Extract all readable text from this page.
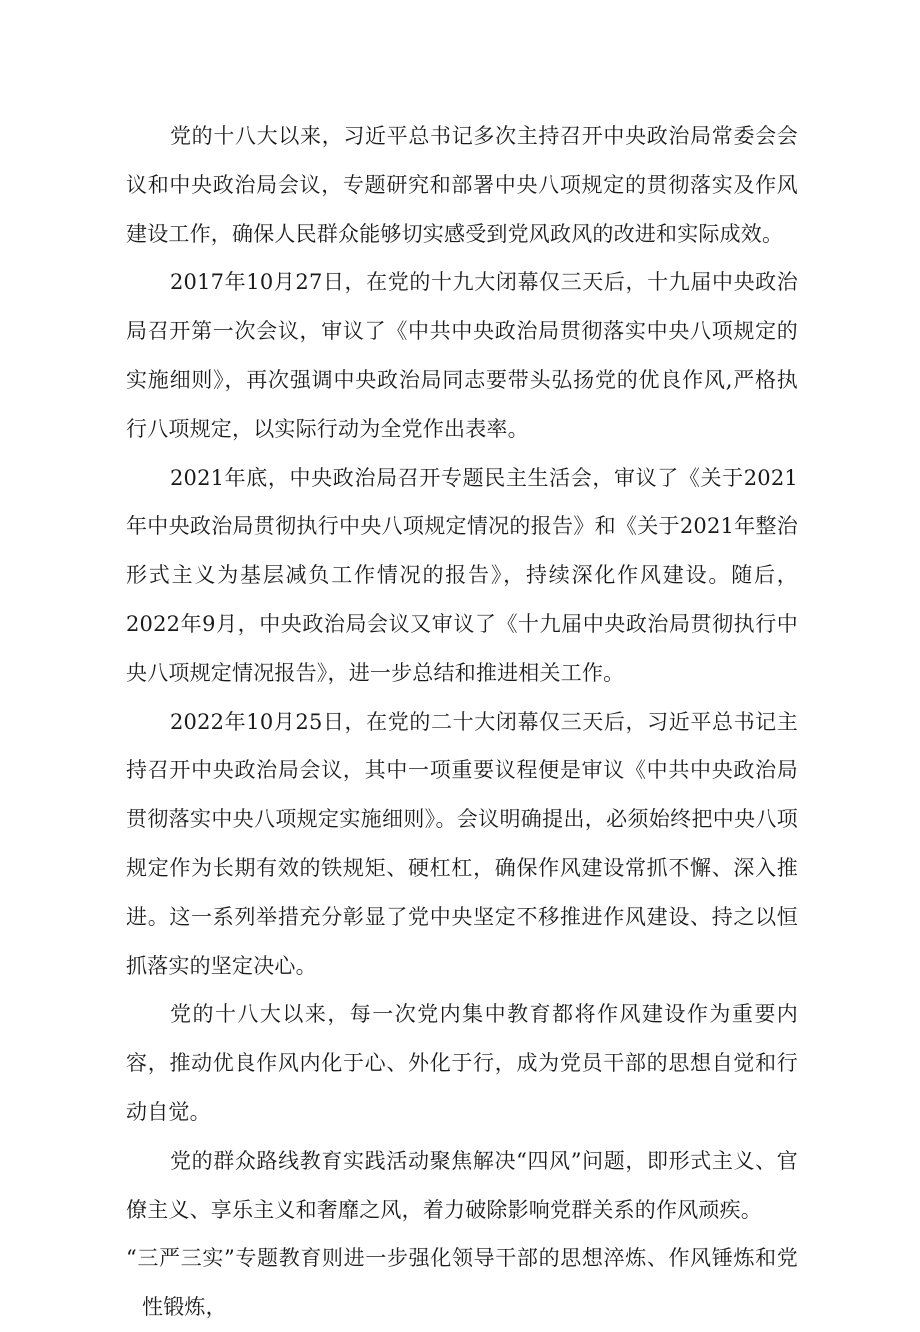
党的十八大以来，习近平总书记多次主持召开中央政治局常委会会议和中央政治局会议，专题研究和部署中央八项规定的贯彻落实及作风建设工作，确保人民群众能够切实感受到党风政风的改进和实际成效。

2017年10月27日，在党的十九大闭幕仅三天后，十九届中央政治局召开第一次会议，审议了《中共中央政治局贯彻落实中央八项规定的实施细则》，再次强调中央政治局同志要带头弘扬党的优良作风,严格执行八项规定，以实际行动为全党作出表率。

2021年底，中央政治局召开专题民主生活会，审议了《关于2021年中央政治局贯彻执行中央八项规定情况的报告》和《关于2021年整治形式主义为基层减负工作情况的报告》，持续深化作风建设。随后，2022年9月，中央政治局会议又审议了《十九届中央政治局贯彻执行中央八项规定情况报告》，进一步总结和推进相关工作。

2022年10月25日，在党的二十大闭幕仅三天后，习近平总书记主持召开中央政治局会议，其中一项重要议程便是审议《中共中央政治局贯彻落实中央八项规定实施细则》。会议明确提出，必须始终把中央八项规定作为长期有效的铁规矩、硬杠杠，确保作风建设常抓不懈、深入推进。这一系列举措充分彰显了党中央坚定不移推进作风建设、持之以恒抓落实的坚定决心。

党的十八大以来，每一次党内集中教育都将作风建设作为重要内容，推动优良作风内化于心、外化于行，成为党员干部的思想自觉和行动自觉。

党的群众路线教育实践活动聚焦解决“四风”问题，即形式主义、官僚主义、享乐主义和奢靡之风，着力破除影响党群关系的作风顽疾。

“三严三实”专题教育则进一步强化领导干部的思想淬炼、作风锤炼和党性锻炼，
